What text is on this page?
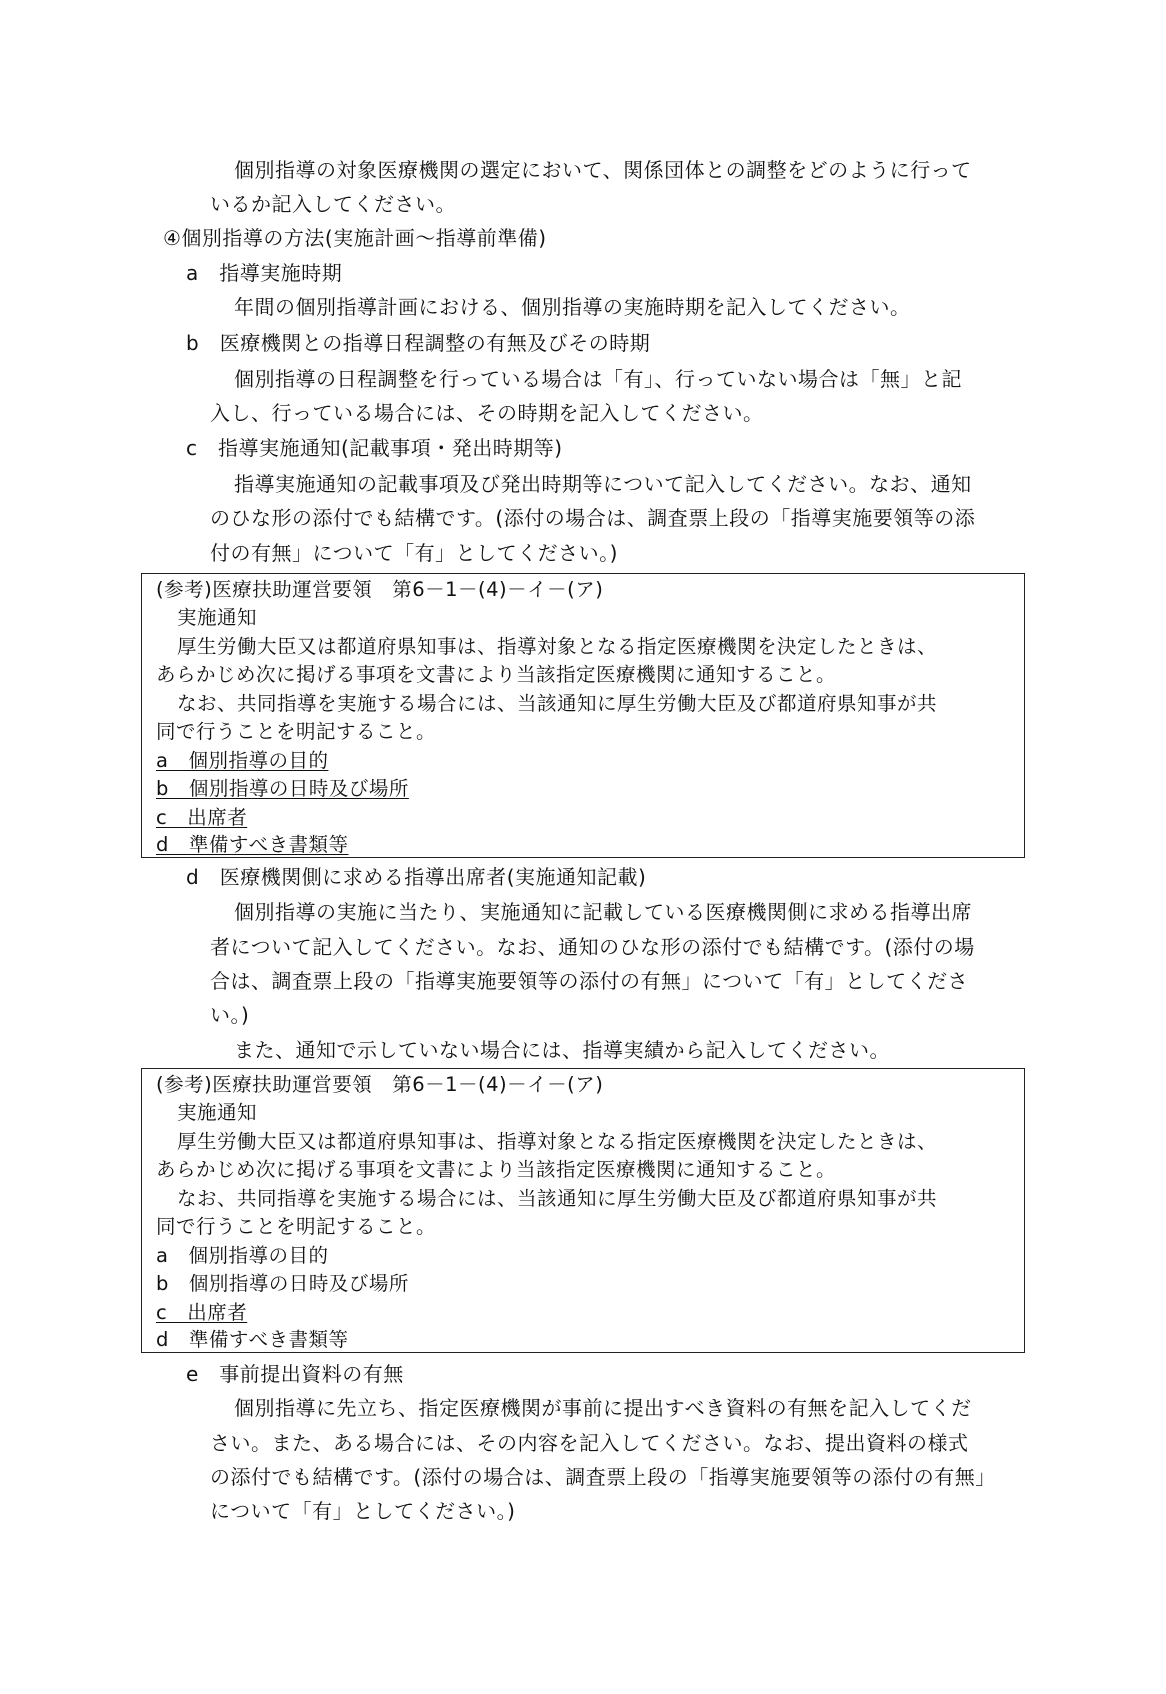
個別指導の対象医療機関の選定において、関係団体との調整をどのように行って
いるか記入してください。
④個別指導の方法(実施計画〜指導前準備)
a　指導実施時期
年間の個別指導計画における、個別指導の実施時期を記入してください。
b　医療機関との指導日程調整の有無及びその時期
個別指導の日程調整を行っている場合は「有」、行っていない場合は「無」と記
入し、行っている場合には、その時期を記入してください。
c　指導実施通知(記載事項・発出時期等)
指導実施通知の記載事項及び発出時期等について記入してください。なお、通知
のひな形の添付でも結構です。(添付の場合は、調査票上段の「指導実施要領等の添
付の有無」について「有」としてください。)
(参考)医療扶助運営要領　第6－1－(4)－イ－(ア)
実施通知
厚生労働大臣又は都道府県知事は、指導対象となる指定医療機関を決定したときは、
あらかじめ次に掲げる事項を文書により当該指定医療機関に通知すること。
なお、共同指導を実施する場合には、当該通知に厚生労働大臣及び都道府県知事が共
同で行うことを明記すること。
a　個別指導の目的
b　個別指導の日時及び場所
c　出席者
d　準備すべき書類等
d　医療機関側に求める指導出席者(実施通知記載)
個別指導の実施に当たり、実施通知に記載している医療機関側に求める指導出席
者について記入してください。なお、通知のひな形の添付でも結構です。(添付の場
合は、調査票上段の「指導実施要領等の添付の有無」について「有」としてくださ
い。)
また、通知で示していない場合には、指導実績から記入してください。
(参考)医療扶助運営要領　第6－1－(4)－イ－(ア)
実施通知
厚生労働大臣又は都道府県知事は、指導対象となる指定医療機関を決定したときは、
あらかじめ次に掲げる事項を文書により当該指定医療機関に通知すること。
なお、共同指導を実施する場合には、当該通知に厚生労働大臣及び都道府県知事が共
同で行うことを明記すること。
a　個別指導の目的
b　個別指導の日時及び場所
c　出席者
d　準備すべき書類等
e　事前提出資料の有無
個別指導に先立ち、指定医療機関が事前に提出すべき資料の有無を記入してくだ
さい。また、ある場合には、その内容を記入してください。なお、提出資料の様式
の添付でも結構です。(添付の場合は、調査票上段の「指導実施要領等の添付の有無」
について「有」としてください。)
